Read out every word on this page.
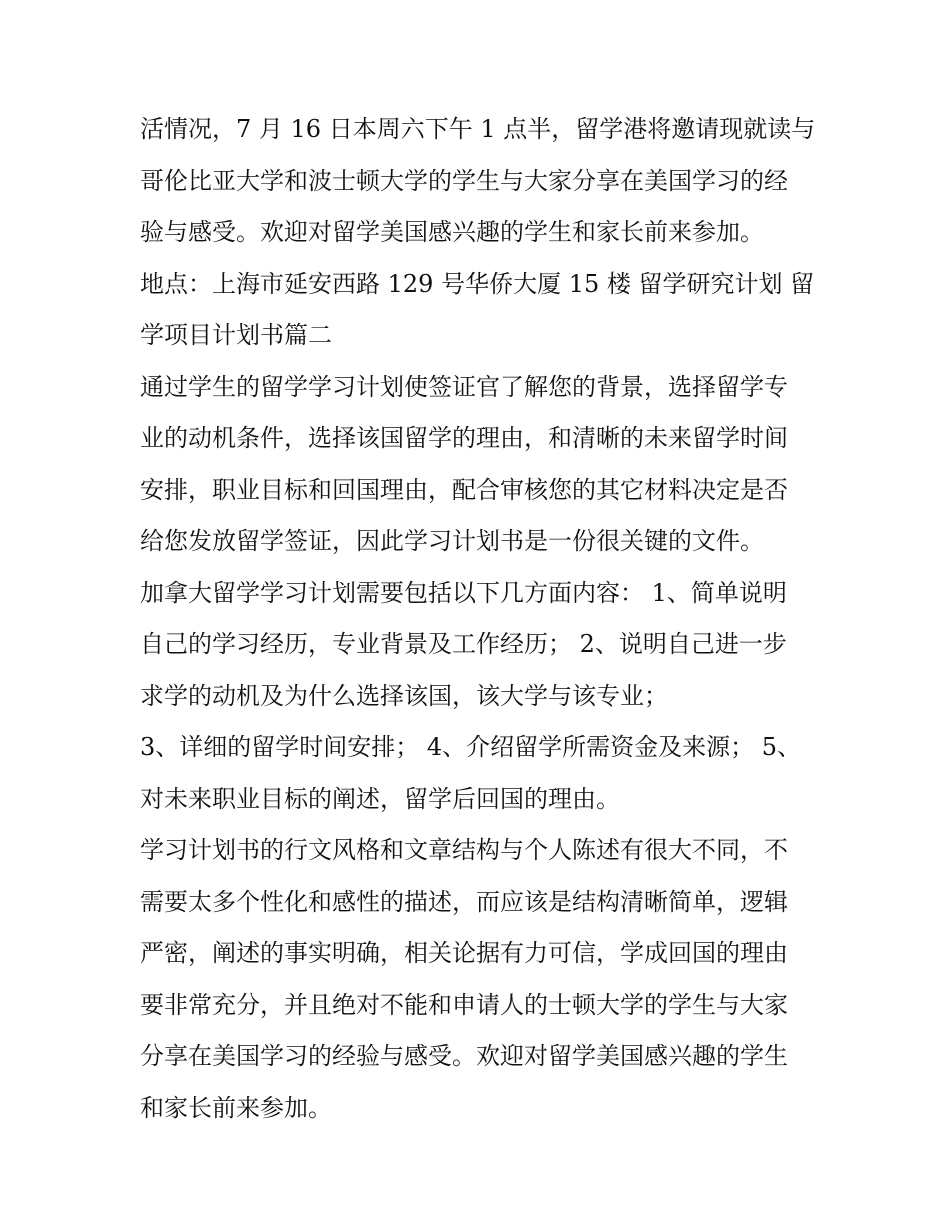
活情况，7 月 16 日本周六下午 1 点半，留学港将邀请现就读与
哥伦比亚大学和波士顿大学的学生与大家分享在美国学习的经
验与感受。欢迎对留学美国感兴趣的学生和家长前来参加。

地点：上海市延安西路 129 号华侨大厦 15 楼 留学研究计划 留
学项目计划书篇二

通过学生的留学学习计划使签证官了解您的背景，选择留学专
业的动机条件，选择该国留学的理由，和清晰的未来留学时间
安排，职业目标和回国理由，配合审核您的其它材料决定是否
给您发放留学签证，因此学习计划书是一份很关键的文件。

加拿大留学学习计划需要包括以下几方面内容： 1、简单说明
自己的学习经历，专业背景及工作经历； 2、说明自己进一步
求学的动机及为什么选择该国，该大学与该专业；

3、详细的留学时间安排； 4、介绍留学所需资金及来源； 5、
对未来职业目标的阐述，留学后回国的理由。

学习计划书的行文风格和文章结构与个人陈述有很大不同，不
需要太多个性化和感性的描述，而应该是结构清晰简单，逻辑
严密，阐述的事实明确，相关论据有力可信，学成回国的理由
要非常充分，并且绝对不能和申请人的士顿大学的学生与大家
分享在美国学习的经验与感受。欢迎对留学美国感兴趣的学生
和家长前来参加。
